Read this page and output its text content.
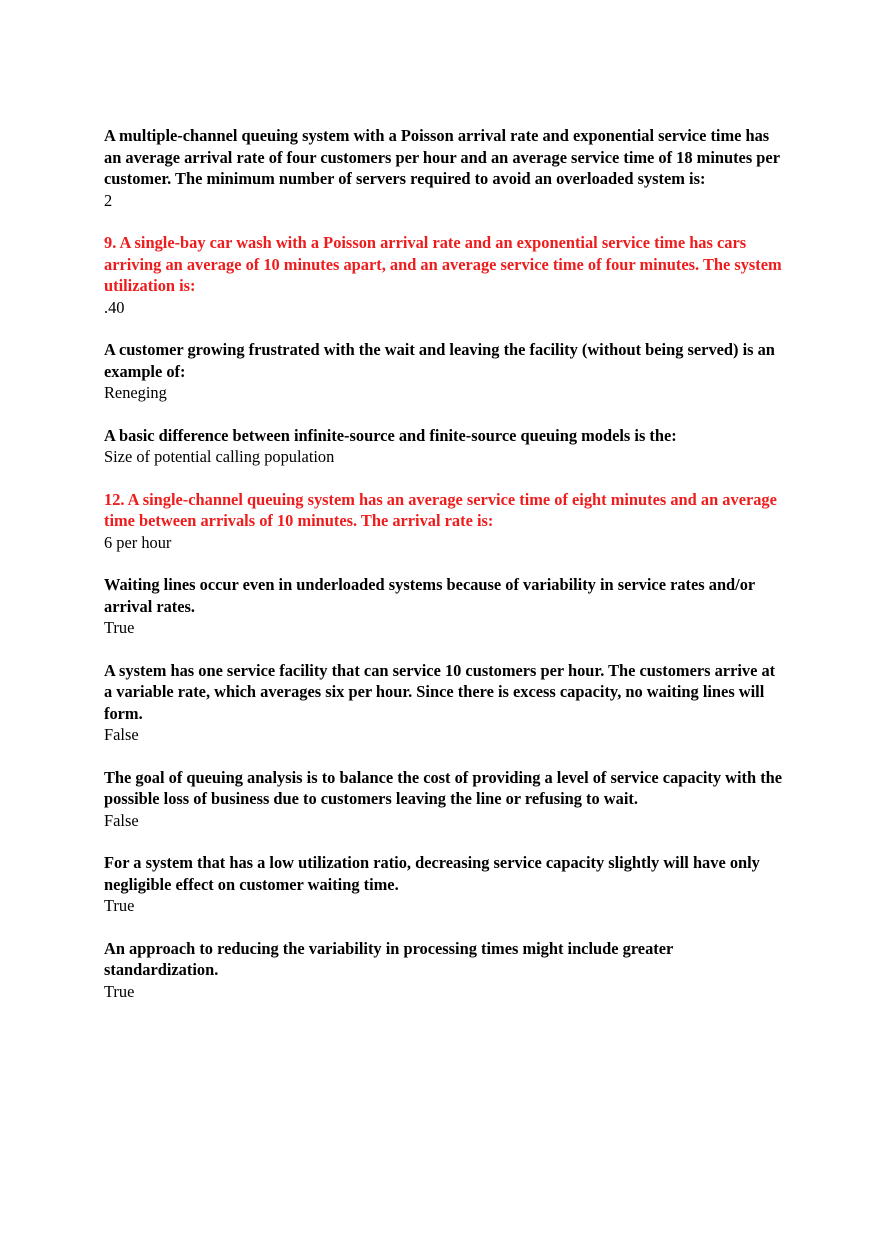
A multiple-channel queuing system with a Poisson arrival rate and exponential service time has an average arrival rate of four customers per hour and an average service time of 18 minutes per customer. The minimum number of servers required to avoid an overloaded system is:

2

9. A single-bay car wash with a Poisson arrival rate and an exponential service time has cars arriving an average of 10 minutes apart, and an average service time of four minutes. The system utilization is:

.40

A customer growing frustrated with the wait and leaving the facility (without being served) is an example of:

Reneging

A basic difference between infinite-source and finite-source queuing models is the:

Size of potential calling population

12. A single-channel queuing system has an average service time of eight minutes and an average time between arrivals of 10 minutes. The arrival rate is:

6 per hour

Waiting lines occur even in underloaded systems because of variability in service rates and/or arrival rates.

True

A system has one service facility that can service 10 customers per hour. The customers arrive at a variable rate, which averages six per hour. Since there is excess capacity, no waiting lines will form.

False

The goal of queuing analysis is to balance the cost of providing a level of service capacity with the possible loss of business due to customers leaving the line or refusing to wait.

False

For a system that has a low utilization ratio, decreasing service capacity slightly will have only negligible effect on customer waiting time.

True

An approach to reducing the variability in processing times might include greater standardization.

True
